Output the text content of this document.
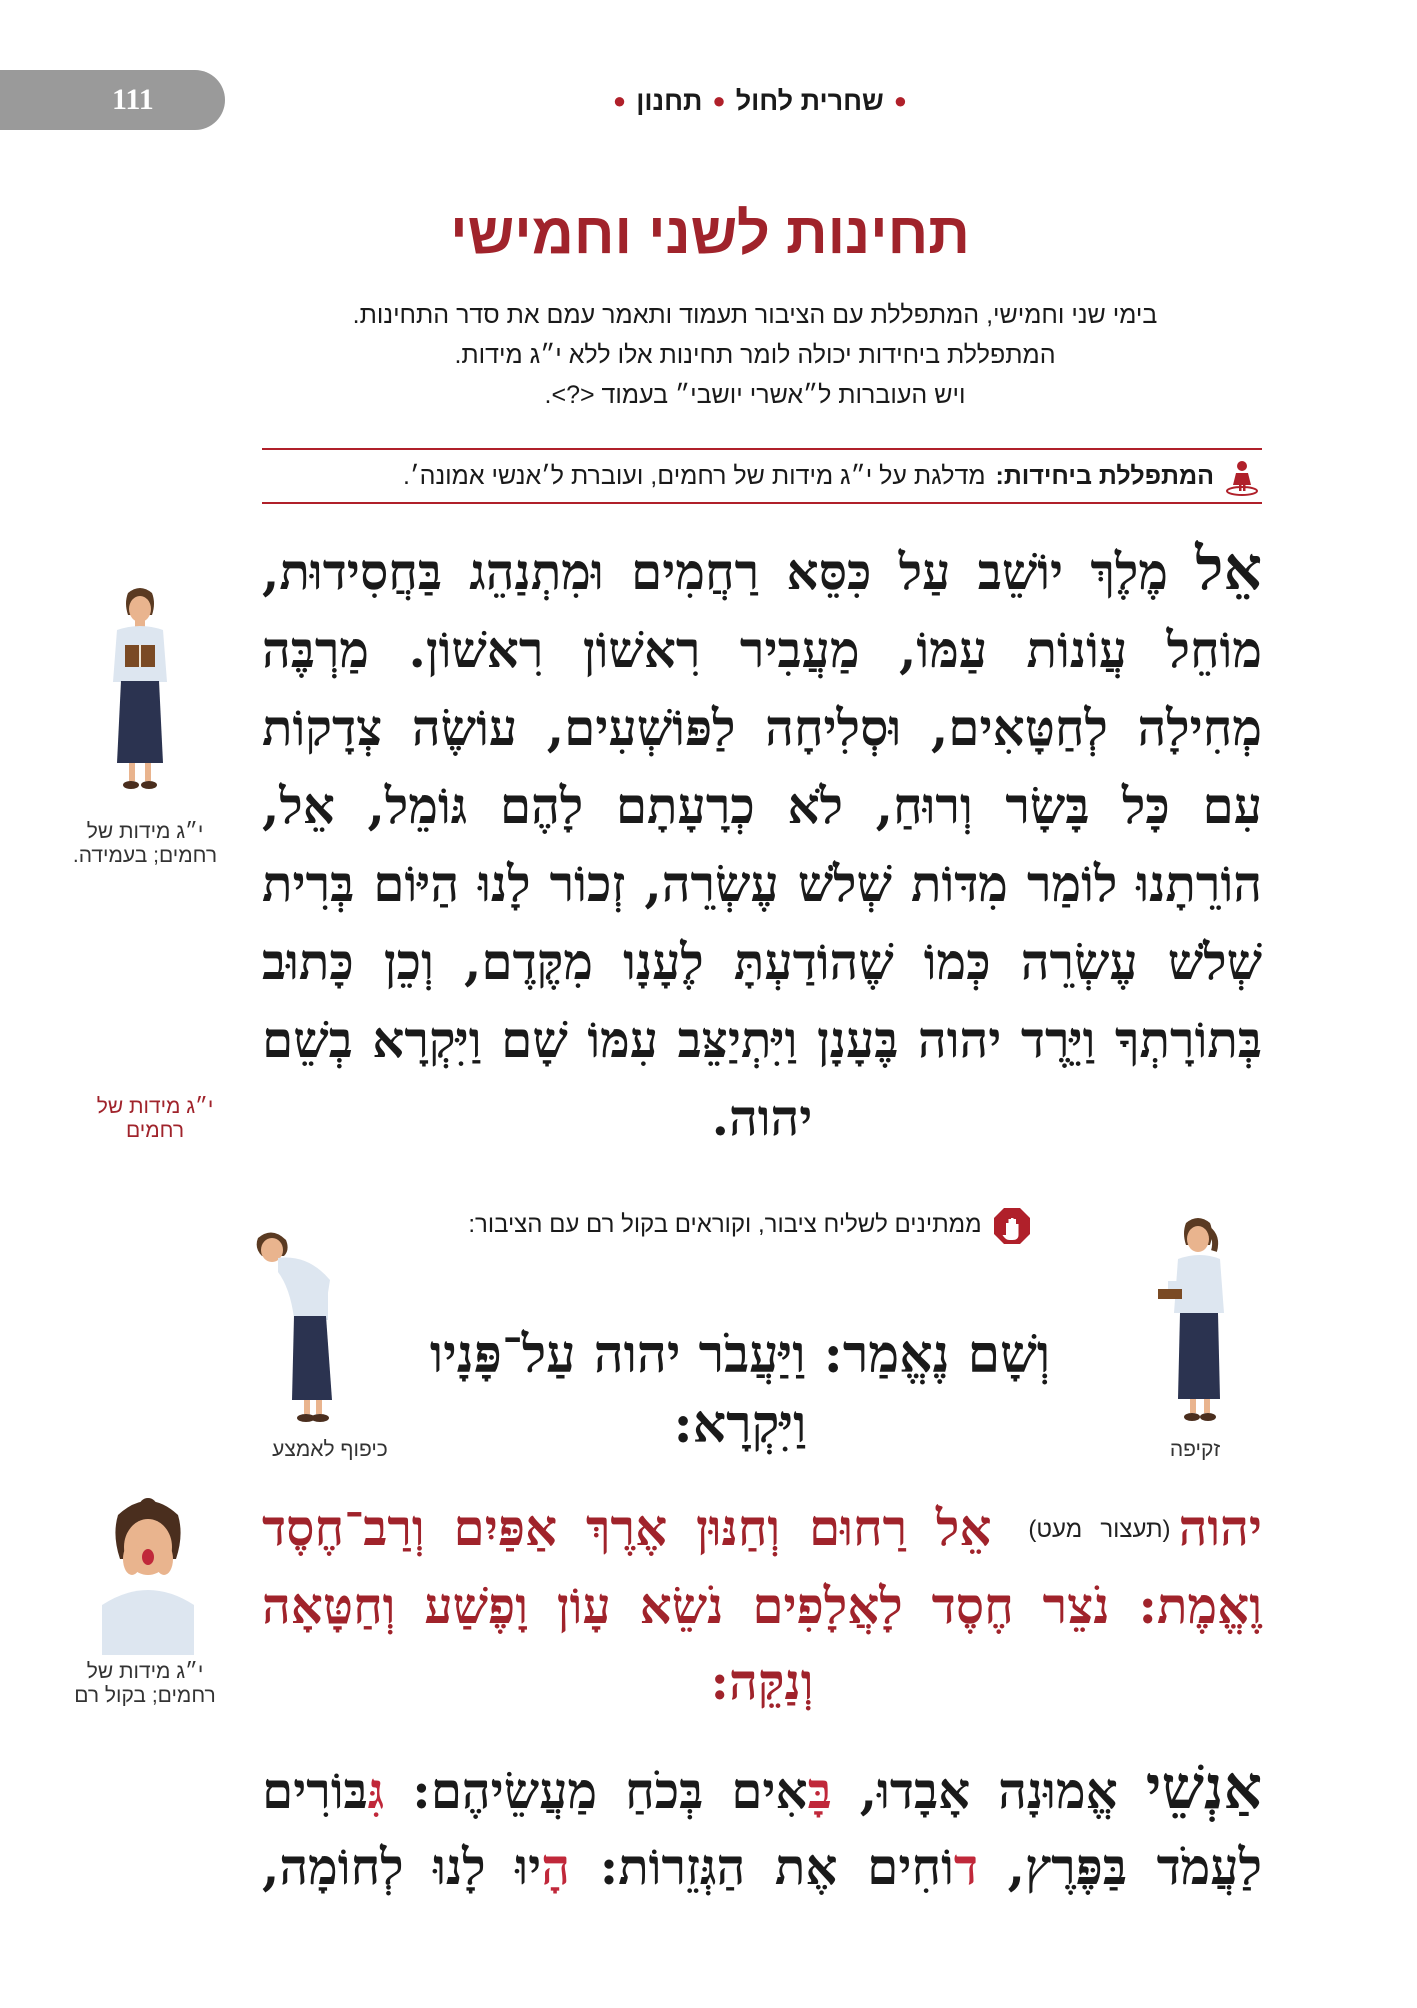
111	●שחרית לחול●תחנון●
תחינות לשני וחמישי
בימי שני וחמישי, המתפללת עם הציבור תעמוד ותאמר עמם את סדר התחינות.
המתפללת ביחידות יכולה לומר תחינות אלו ללא י״ג מידות.
ויש העוברות ל״אשרי יושבי״ בעמוד <?>.
המתפללת ביחידות:מדלגת על י״ג מידות של רחמים, ועוברת ל׳אנשי אמונה׳.
י״ג מידות של רחמים; בעמידה.
אֵל מֶלֶךְ יוֹשֵׁב עַל כִּסֵּא רַחֲמִים וּמִתְנַהֵג בַּחֲסִידוּת, מוֹחֵל עֲוֹנוֹת עַמּוֹ, מַעֲבִיר רִאשׁוֹן רִאשׁוֹן. מַרְבֶּה מְחִילָה לְחַטָּאִים, וּסְלִיחָה לַפּוֹשְׁעִים, עוֹשֶׂה צְדָקוֹת עִם כָּל בָּשָׂר וְרוּחַ, לֹא כְרָעָתָם לָהֶם גּוֹמֵל, אֵל, הוֹרֵתָנוּ לוֹמַר מִדּוֹת שְׁלֹשׁ עֶשְׂרֵה, זְכוֹר לָנוּ הַיּוֹם בְּרִית שְׁלֹשׁ עֶשְׂרֵה כְּמוֹ שֶׁהוֹדַעְתָּ לֶעָנָו מִקֶּדֶם, וְכֵן כָּתוּב בְּתוֹרָתְךָ וַיֵּרֶד יהוה בֶּעָנָן וַיִּתְיַצֵּב עִמּוֹ שָׁם וַיִּקְרָא בְשֵׁם יהוה.
י״ג מידות של רחמים
ממתינים לשליח ציבור, וקוראים בקול רם עם הציבור:
וְשָׁם נֶאֱמַר: וַיַּעֲבֹר יהוה עַל־פָּנָיו וַיִּקְרָא:
כיפוף לאמצע	זקיפה
י״ג מידות של רחמים; בקול רם
יהוה(תעצור מעט) אֵל רַחוּם וְחַנּוּן אֶרֶךְ אַפַּיִם וְרַב־חֶסֶד וֶאֱמֶת: נֹצֵר חֶסֶד לָאֲלָפִים נֹשֵׂא עָוֹן וָפֶשַׁע וְחַטָּאָה וְנַקֵּה:
אַנְשֵׁי אֱמוּנָה אָבָדוּ, בָּאִים בְּכֹחַ מַעֲשֵׂיהֶם: גִּבּוֹרִים לַעֲמֹד בַּפֶּרֶץ, דוֹחִים אֶת הַגְּזֵרוֹת: הָיוּ לָנוּ לְחוֹמָה,
